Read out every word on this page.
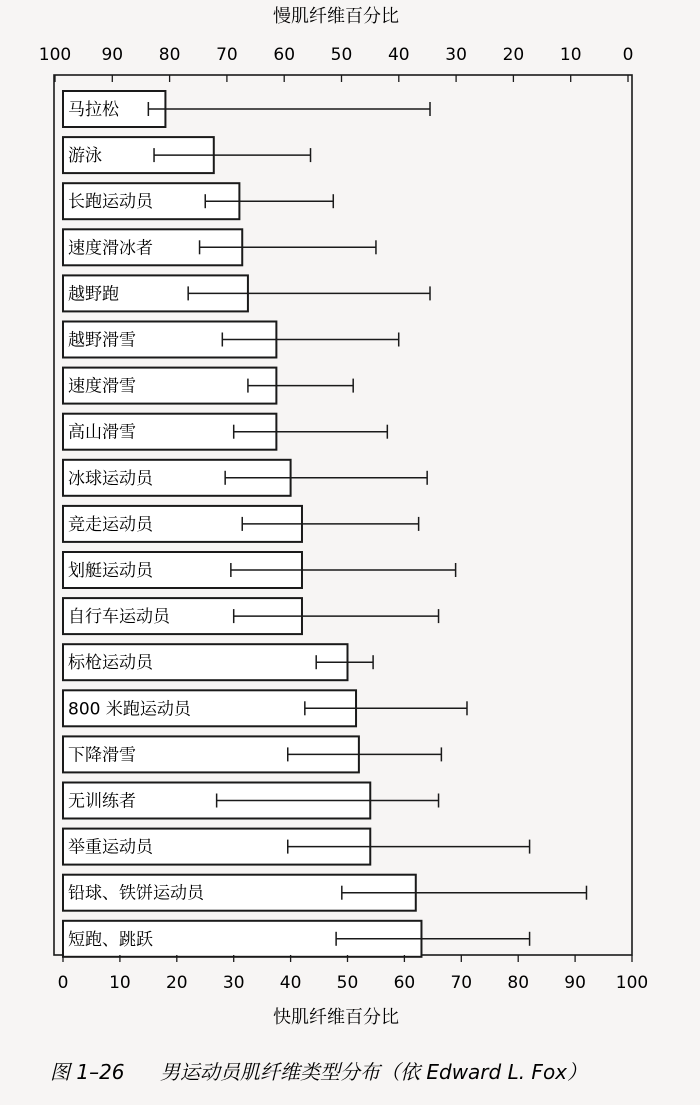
慢肌纤维百分比
100 90 80 70 60 50 40 30 20 10 0
马拉松
游泳
长跑运动员
速度滑冰者
越野跑
越野滑雪
速度滑雪
高山滑雪
冰球运动员
竞走运动员
划艇运动员
自行车运动员
标枪运动员
800 米跑运动员
下降滑雪
无训练者
举重运动员
铅球、铁饼运动员
短跑、跳跃
0 10 20 30 40 50 60 70 80 90 100
快肌纤维百分比
图 1–26 男运动员肌纤维类型分布（依 Edward L. Fox）
